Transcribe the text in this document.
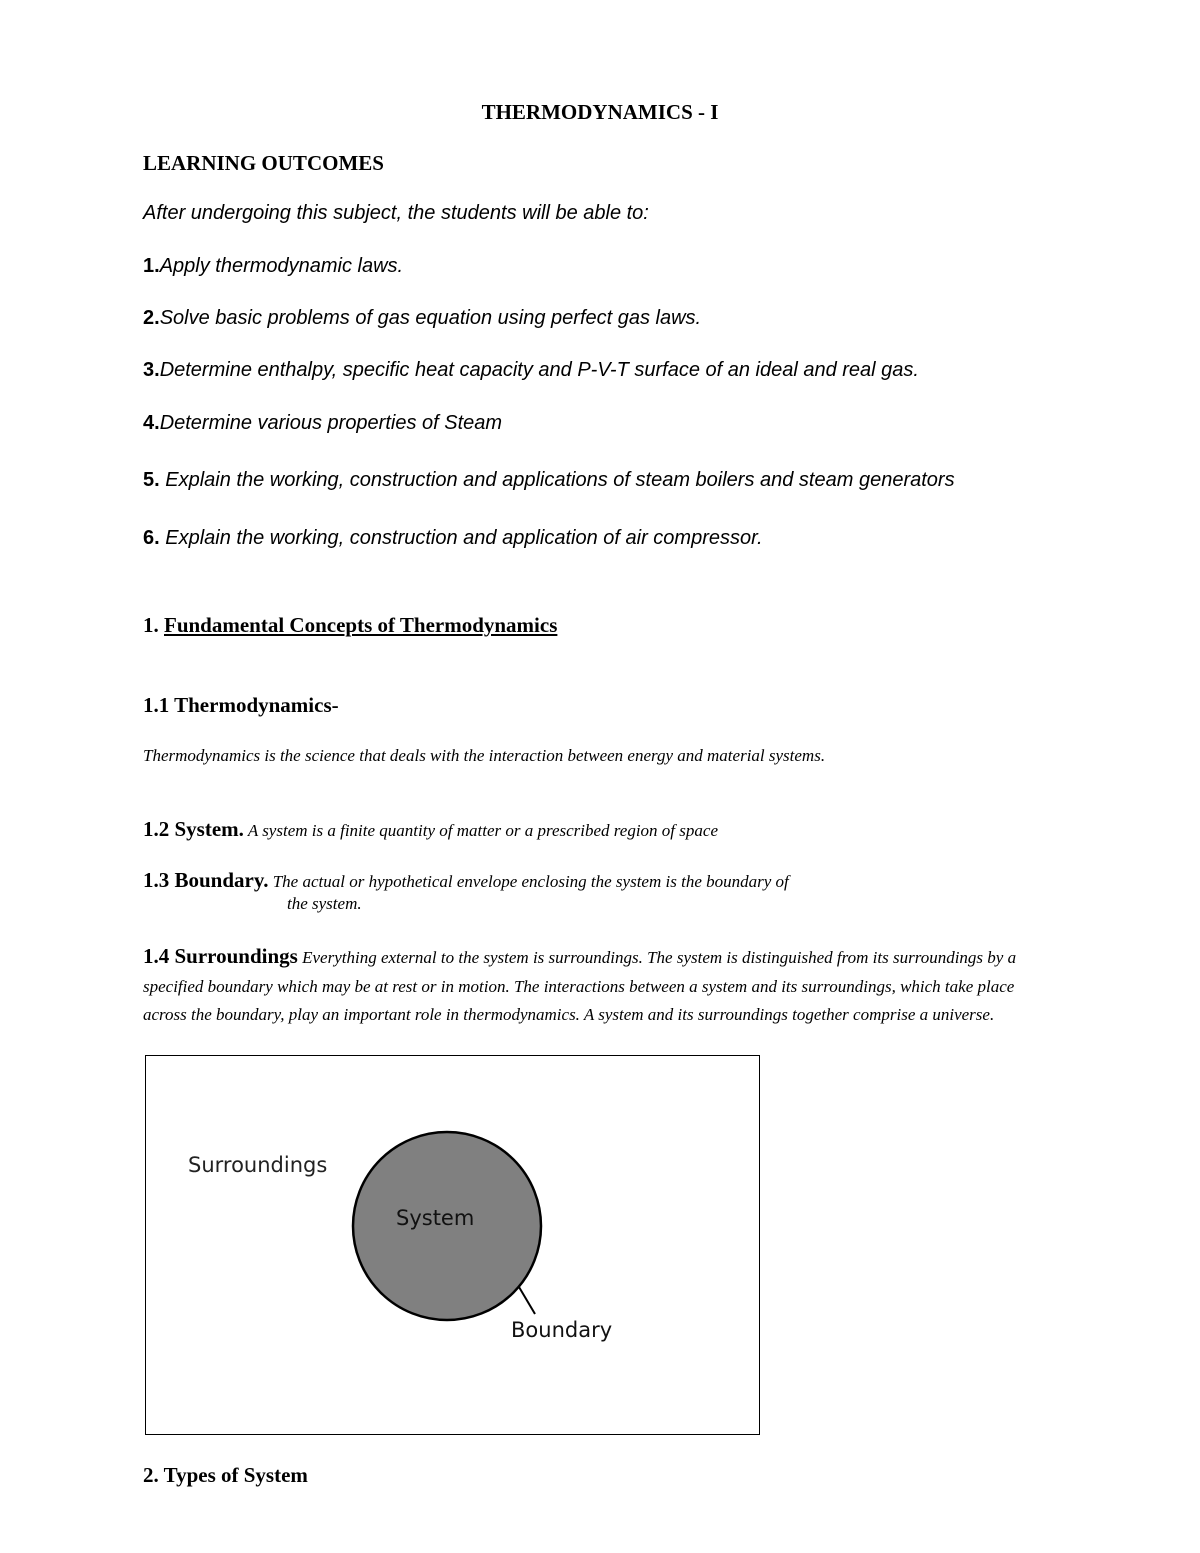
THERMODYNAMICS - I
LEARNING OUTCOMES
After undergoing this subject, the students will be able to:
1.Apply thermodynamic laws.
2.Solve basic problems of gas equation using perfect gas laws.
3.Determine enthalpy, specific heat capacity and P-V-T surface of an ideal and real gas.
4.Determine various properties of Steam
5. Explain the working, construction and applications of steam boilers and steam generators
6. Explain the working, construction and application of air compressor.
1. Fundamental Concepts of Thermodynamics
1.1 Thermodynamics-
Thermodynamics is the science that deals with the interaction between energy and material systems.
1.2 System. A system is a finite quantity of matter or a prescribed region of space
1.3 Boundary. The actual or hypothetical envelope enclosing the system is the boundary of
the system.
1.4 Surroundings Everything external to the system is surroundings. The system is distinguished from its surroundings by a specified boundary which may be at rest or in motion. The interactions between a system and its surroundings, which take place across the boundary, play an important role in thermodynamics. A system and its surroundings together comprise a universe.
Surroundings
System
Boundary
2. Types of System
